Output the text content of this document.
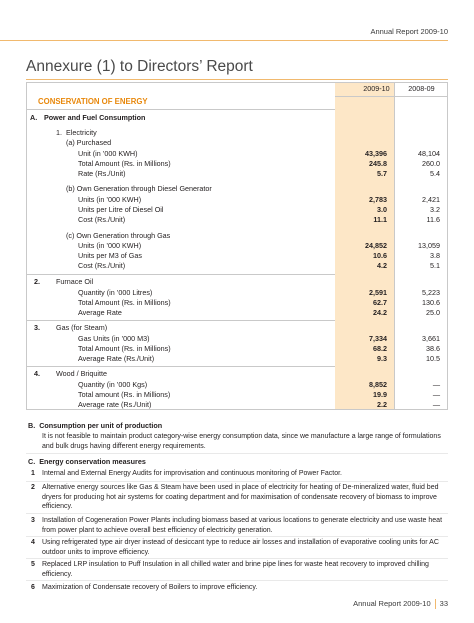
Annual Report 2009-10
Annexure (1) to Directors’ Report
2009-10	2008-09
CONSERVATION OF ENERGY
A. Power and Fuel Consumption
1. Electricity
(a) Purchased
Unit (in ’000 KWH)	43,396	48,104
Total Amount (Rs. in Millions)	245.8	260.0
Rate (Rs./Unit)	5.7	5.4
(b) Own Generation through Diesel Generator
Units (in ’000 KWH)	2,783	2,421
Units per Litre of Diesel Oil	3.0	3.2
Cost (Rs./Unit)	11.1	11.6
(c) Own Generation through Gas
Units (in ’000 KWH)	24,852	13,059
Units per M3 of Gas	10.6	3.8
Cost (Rs./Unit)	4.2	5.1
2. Furnace Oil
Quantity (in ’000 Litres)	2,591	5,223
Total Amount (Rs. in Millions)	62.7	130.6
Average Rate	24.2	25.0
3. Gas (for Steam)
Gas Units (in ’000 M3)	7,334	3,661
Total Amount (Rs. in Millions)	68.2	38.6
Average Rate (Rs./Unit)	9.3	10.5
4. Wood / Briquitte
Quantity (in ’000 Kgs)	8,852	—
Total amount (Rs. in Millions)	19.9	—
Average rate (Rs./Unit)	2.2	—
B. Consumption per unit of production

It is not feasible to maintain product category-wise energy consumption data, since we manufacture a large range of formulations and bulk drugs having different energy requirements.

C. Energy conservation measures
1 Internal and External Energy Audits for improvisation and continuous monitoring of Power Factor.

2 Alternative energy sources like Gas & Steam have been used in place of electricity for heating of De-mineralized water, fluid bed dryers for producing hot air systems for coating department and for maximisation of condensate recovery of biomass to improve efficiency.

3 Installation of Cogeneration Power Plants including biomass based at various locations to generate electricity and use waste heat from power plant to achieve overall best efficiency of electricity generation.

4 Using refrigerated type air dryer instead of desiccant type to reduce air losses and installation of evaporative cooling units for AC outdoor units to improve efficiency.

5 Replaced LRP insulation to Puff Insulation in all chilled water and brine pipe lines for waste heat recovery to improved chilling efficiency.

6 Maximization of Condensate recovery of Boilers to improve efficiency.

Annual Report 2009-10 33
